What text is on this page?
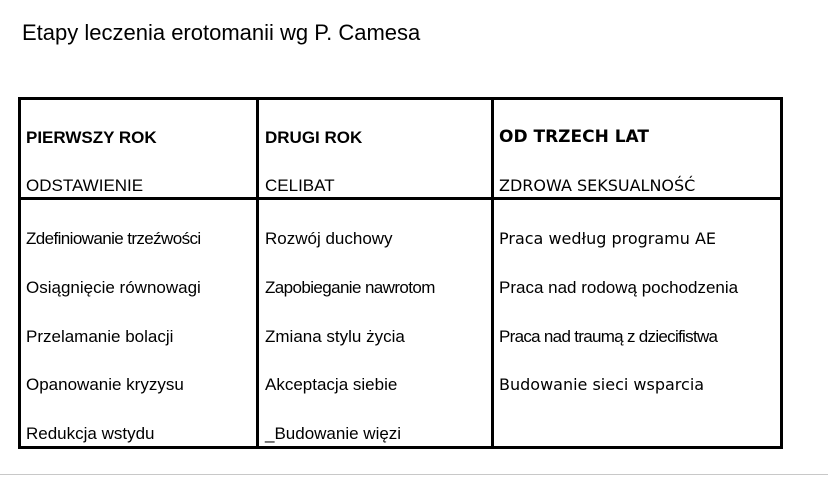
Etapy leczenia erotomanii wg P. Camesa
PIERWSZY ROK
ODSTAWIENIE
Zdefiniowanie trzeźwości
Osiągnięcie równowagi
Przelamanie bolacji
Opanowanie kryzysu
Redukcja wstydu
DRUGI ROK
CELIBAT
Rozwój duchowy
Zapobieganie nawrotom
Zmiana stylu życia
Akceptacja siebie
_Budowanie więzi
OD TRZECH LAT
ZDROWA SEKSUALNOŚĆ
Praca według programu AE
Praca nad rodową pochodzenia
Praca nad traumą z dziecifistwa
Budowanie sieci wsparcia
